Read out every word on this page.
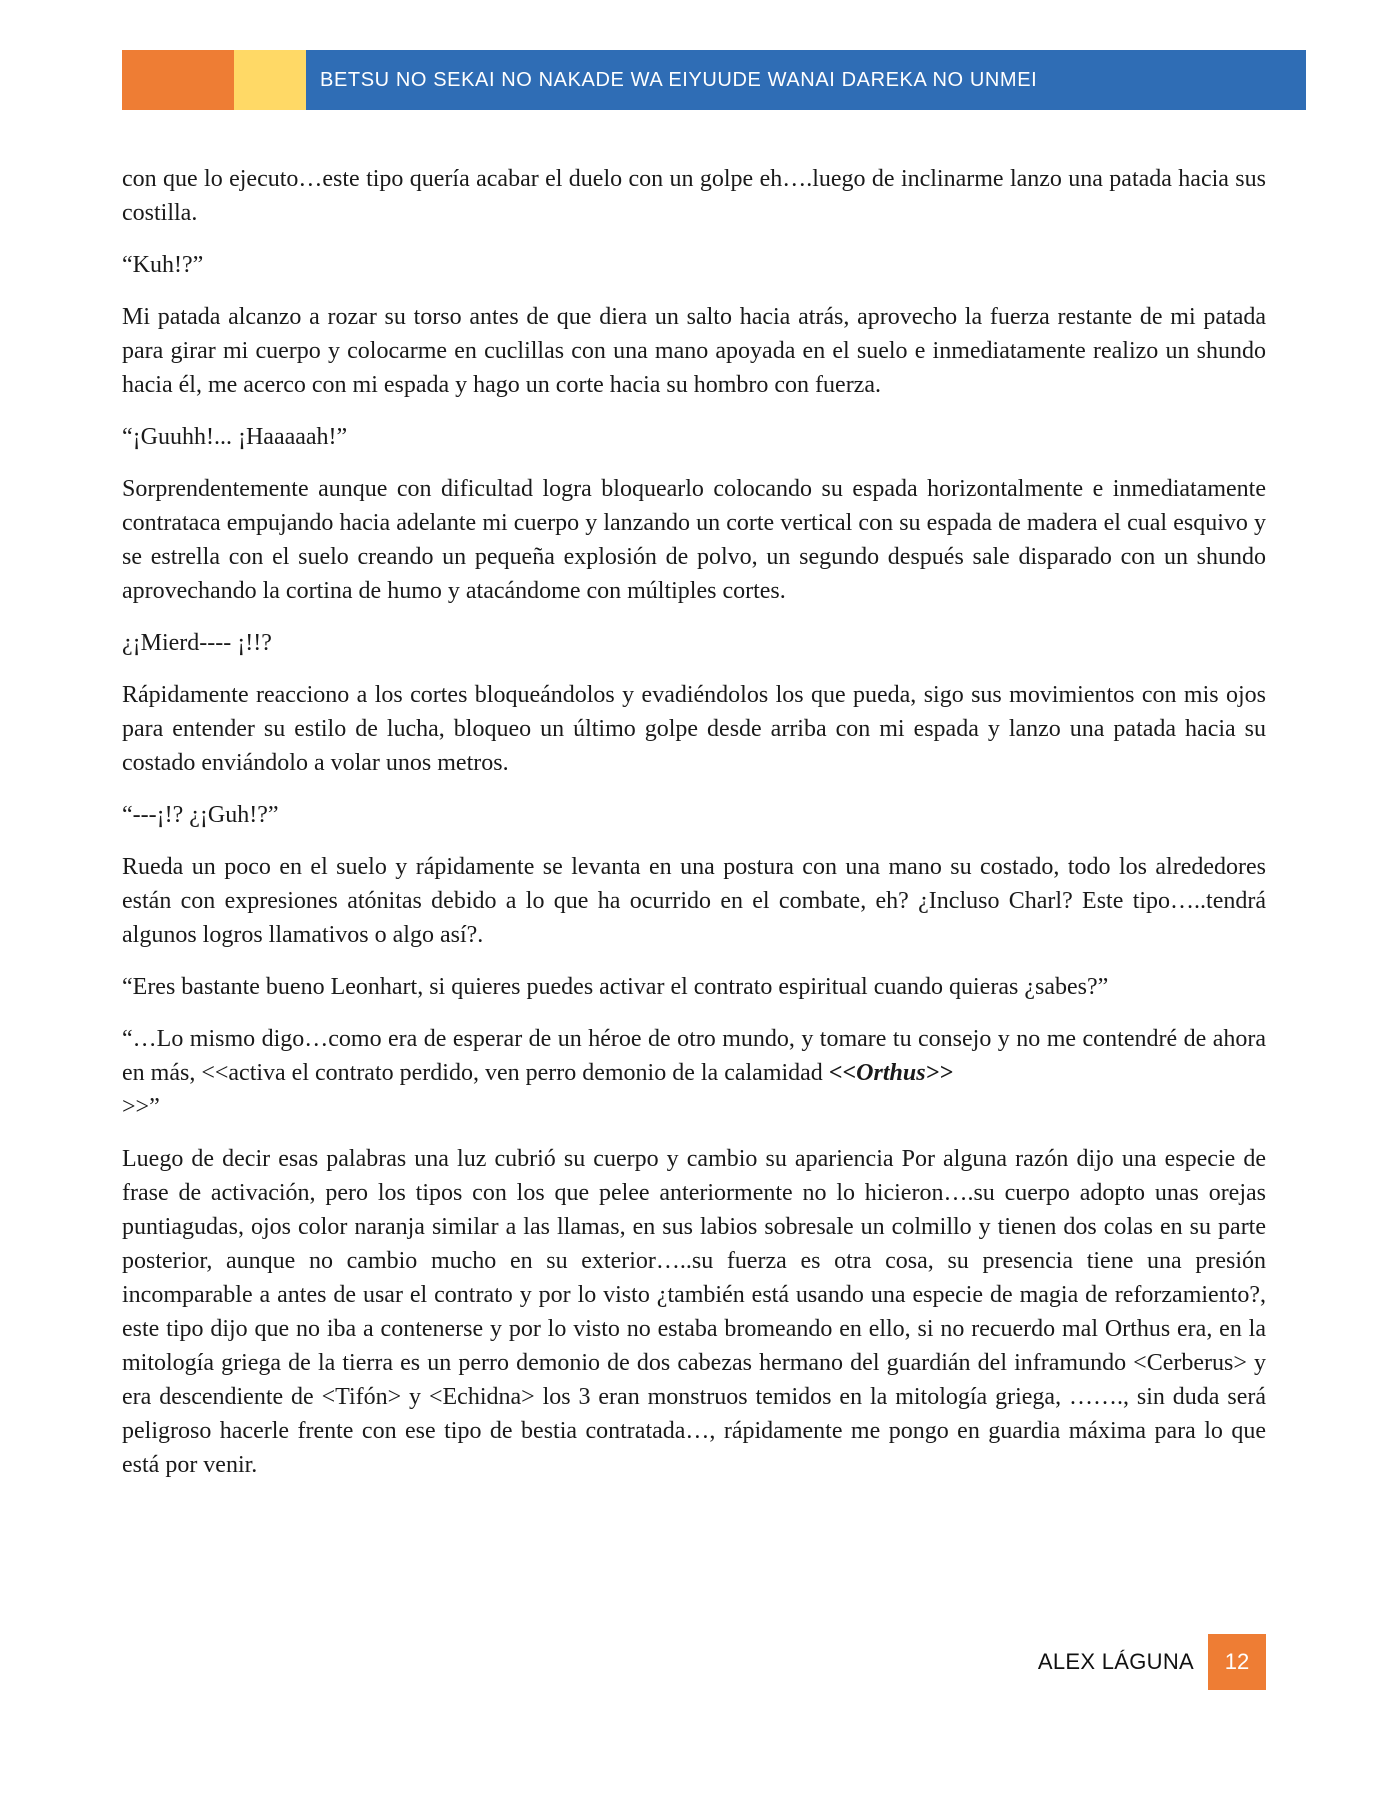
BETSU NO SEKAI NO NAKADE WA EIYUUDE WANAI DAREKA NO UNMEI

con que lo ejecuto…este tipo quería acabar el duelo con un golpe eh….luego de inclinarme lanzo una patada hacia sus costilla.

“Kuh!?”

Mi patada alcanzo a rozar su torso antes de que diera un salto hacia atrás, aprovecho la fuerza restante de mi patada para girar mi cuerpo y colocarme en cuclillas con una mano apoyada en el suelo e inmediatamente realizo un shundo hacia él, me acerco con mi espada y hago un corte hacia su hombro con fuerza.

“¡Guuhh!... ¡Haaaaah!”

Sorprendentemente aunque con dificultad logra bloquearlo colocando su espada horizontalmente e inmediatamente contrataca empujando hacia adelante mi cuerpo y lanzando un corte vertical con su espada de madera el cual esquivo y se estrella con el suelo creando un pequeña explosión de polvo, un segundo después sale disparado con un shundo aprovechando la cortina de humo y atacándome con múltiples cortes.

¿¡Mierd---- ¡!!?

Rápidamente reacciono a los cortes bloqueándolos y evadiéndolos los que pueda, sigo sus movimientos con mis ojos para entender su estilo de lucha, bloqueo un último golpe desde arriba con mi espada y lanzo una patada hacia su costado enviándolo a volar unos metros.

“---¡!? ¿¡Guh!?”

Rueda un poco en el suelo y rápidamente se levanta en una postura con una mano su costado, todo los alrededores están con expresiones atónitas debido a lo que ha ocurrido en el combate, eh? ¿Incluso Charl? Este tipo…..tendrá algunos logros llamativos o algo así?.

“Eres bastante bueno Leonhart, si quieres puedes activar el contrato espiritual cuando quieras ¿sabes?”

“…Lo mismo digo…como era de esperar de un héroe de otro mundo, y tomare tu consejo y no me contendré de ahora en más, <<activa el contrato perdido, ven perro demonio de la calamidad <<Orthus>>
>>”

Luego de decir esas palabras una luz cubrió su cuerpo y cambio su apariencia Por alguna razón dijo una especie de frase de activación, pero los tipos con los que pelee anteriormente no lo hicieron….su cuerpo adopto unas orejas puntiagudas, ojos color naranja similar a las llamas, en sus labios sobresale un colmillo y tienen dos colas en su parte posterior, aunque no cambio mucho en su exterior…..su fuerza es otra cosa, su presencia tiene una presión incomparable a antes de usar el contrato y por lo visto ¿también está usando una especie de magia de reforzamiento?, este tipo dijo que no iba a contenerse y por lo visto no estaba bromeando en ello, si no recuerdo mal Orthus era, en la mitología griega de la tierra es un perro demonio de dos cabezas hermano del guardián del inframundo <Cerberus> y era descendiente de <Tifón> y <Echidna> los 3 eran monstruos temidos en la mitología griega, ……., sin duda será peligroso hacerle frente con ese tipo de bestia contratada…, rápidamente me pongo en guardia máxima para lo que está por venir.

ALEX LÁGUNA	12
